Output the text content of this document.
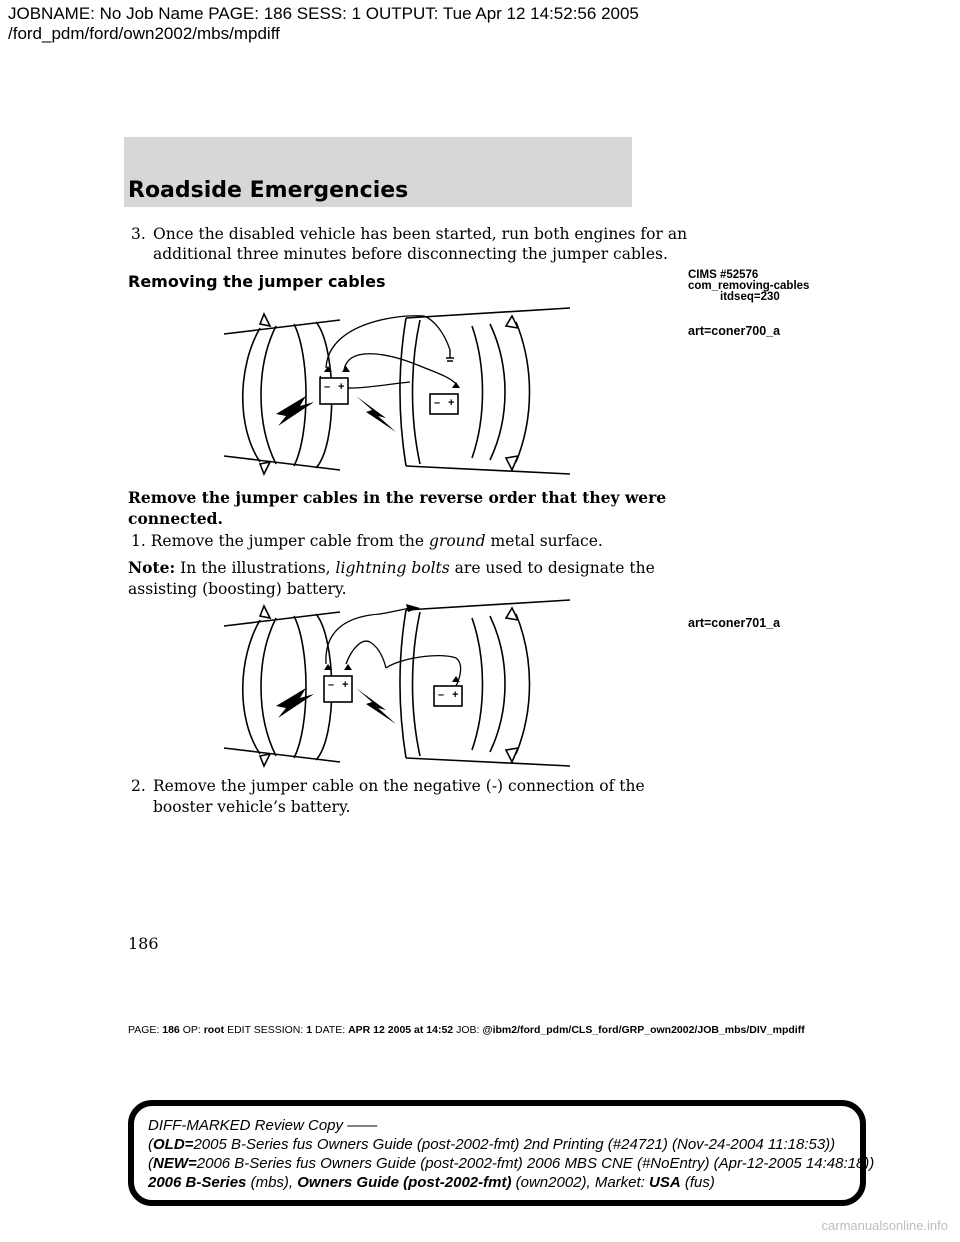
JOBNAME: No Job Name PAGE: 186 SESS: 1 OUTPUT: Tue Apr 12 14:52:56 2005
/ford_pdm/ford/own2002/mbs/mpdiff
Roadside Emergencies
3. Once the disabled vehicle has been started, run both engines for an
additional three minutes before disconnecting the jumper cables.
Removing the jumper cables	CIMS #52576
com_removing-cables
itdseq=230
art=coner700_a
– +
– +
Remove the jumper cables in the reverse order that they were
connected.
1. Remove the jumper cable from the ground metal surface.
Note: In the illustrations, lightning bolts are used to designate the
assisting (boosting) battery.
art=coner701_a
– +
– +
2. Remove the jumper cable on the negative (-) connection of the
booster vehicle’s battery.
186
PAGE: 186 OP: root EDIT SESSION: 1 DATE: APR 12 2005 at 14:52 JOB: @ibm2/ford_pdm/CLS_ford/GRP_own2002/JOB_mbs/DIV_mpdiff
DIFF-MARKED Review Copy ——
(OLD=2005 B-Series fus Owners Guide (post-2002-fmt) 2nd Printing (#24721) (Nov-24-2004 11:18:53))
(NEW=2006 B-Series fus Owners Guide (post-2002-fmt) 2006 MBS CNE (#NoEntry) (Apr-12-2005 14:48:18))
2006 B-Series (mbs), Owners Guide (post-2002-fmt) (own2002), Market: USA (fus)
carmanualsonline.info
